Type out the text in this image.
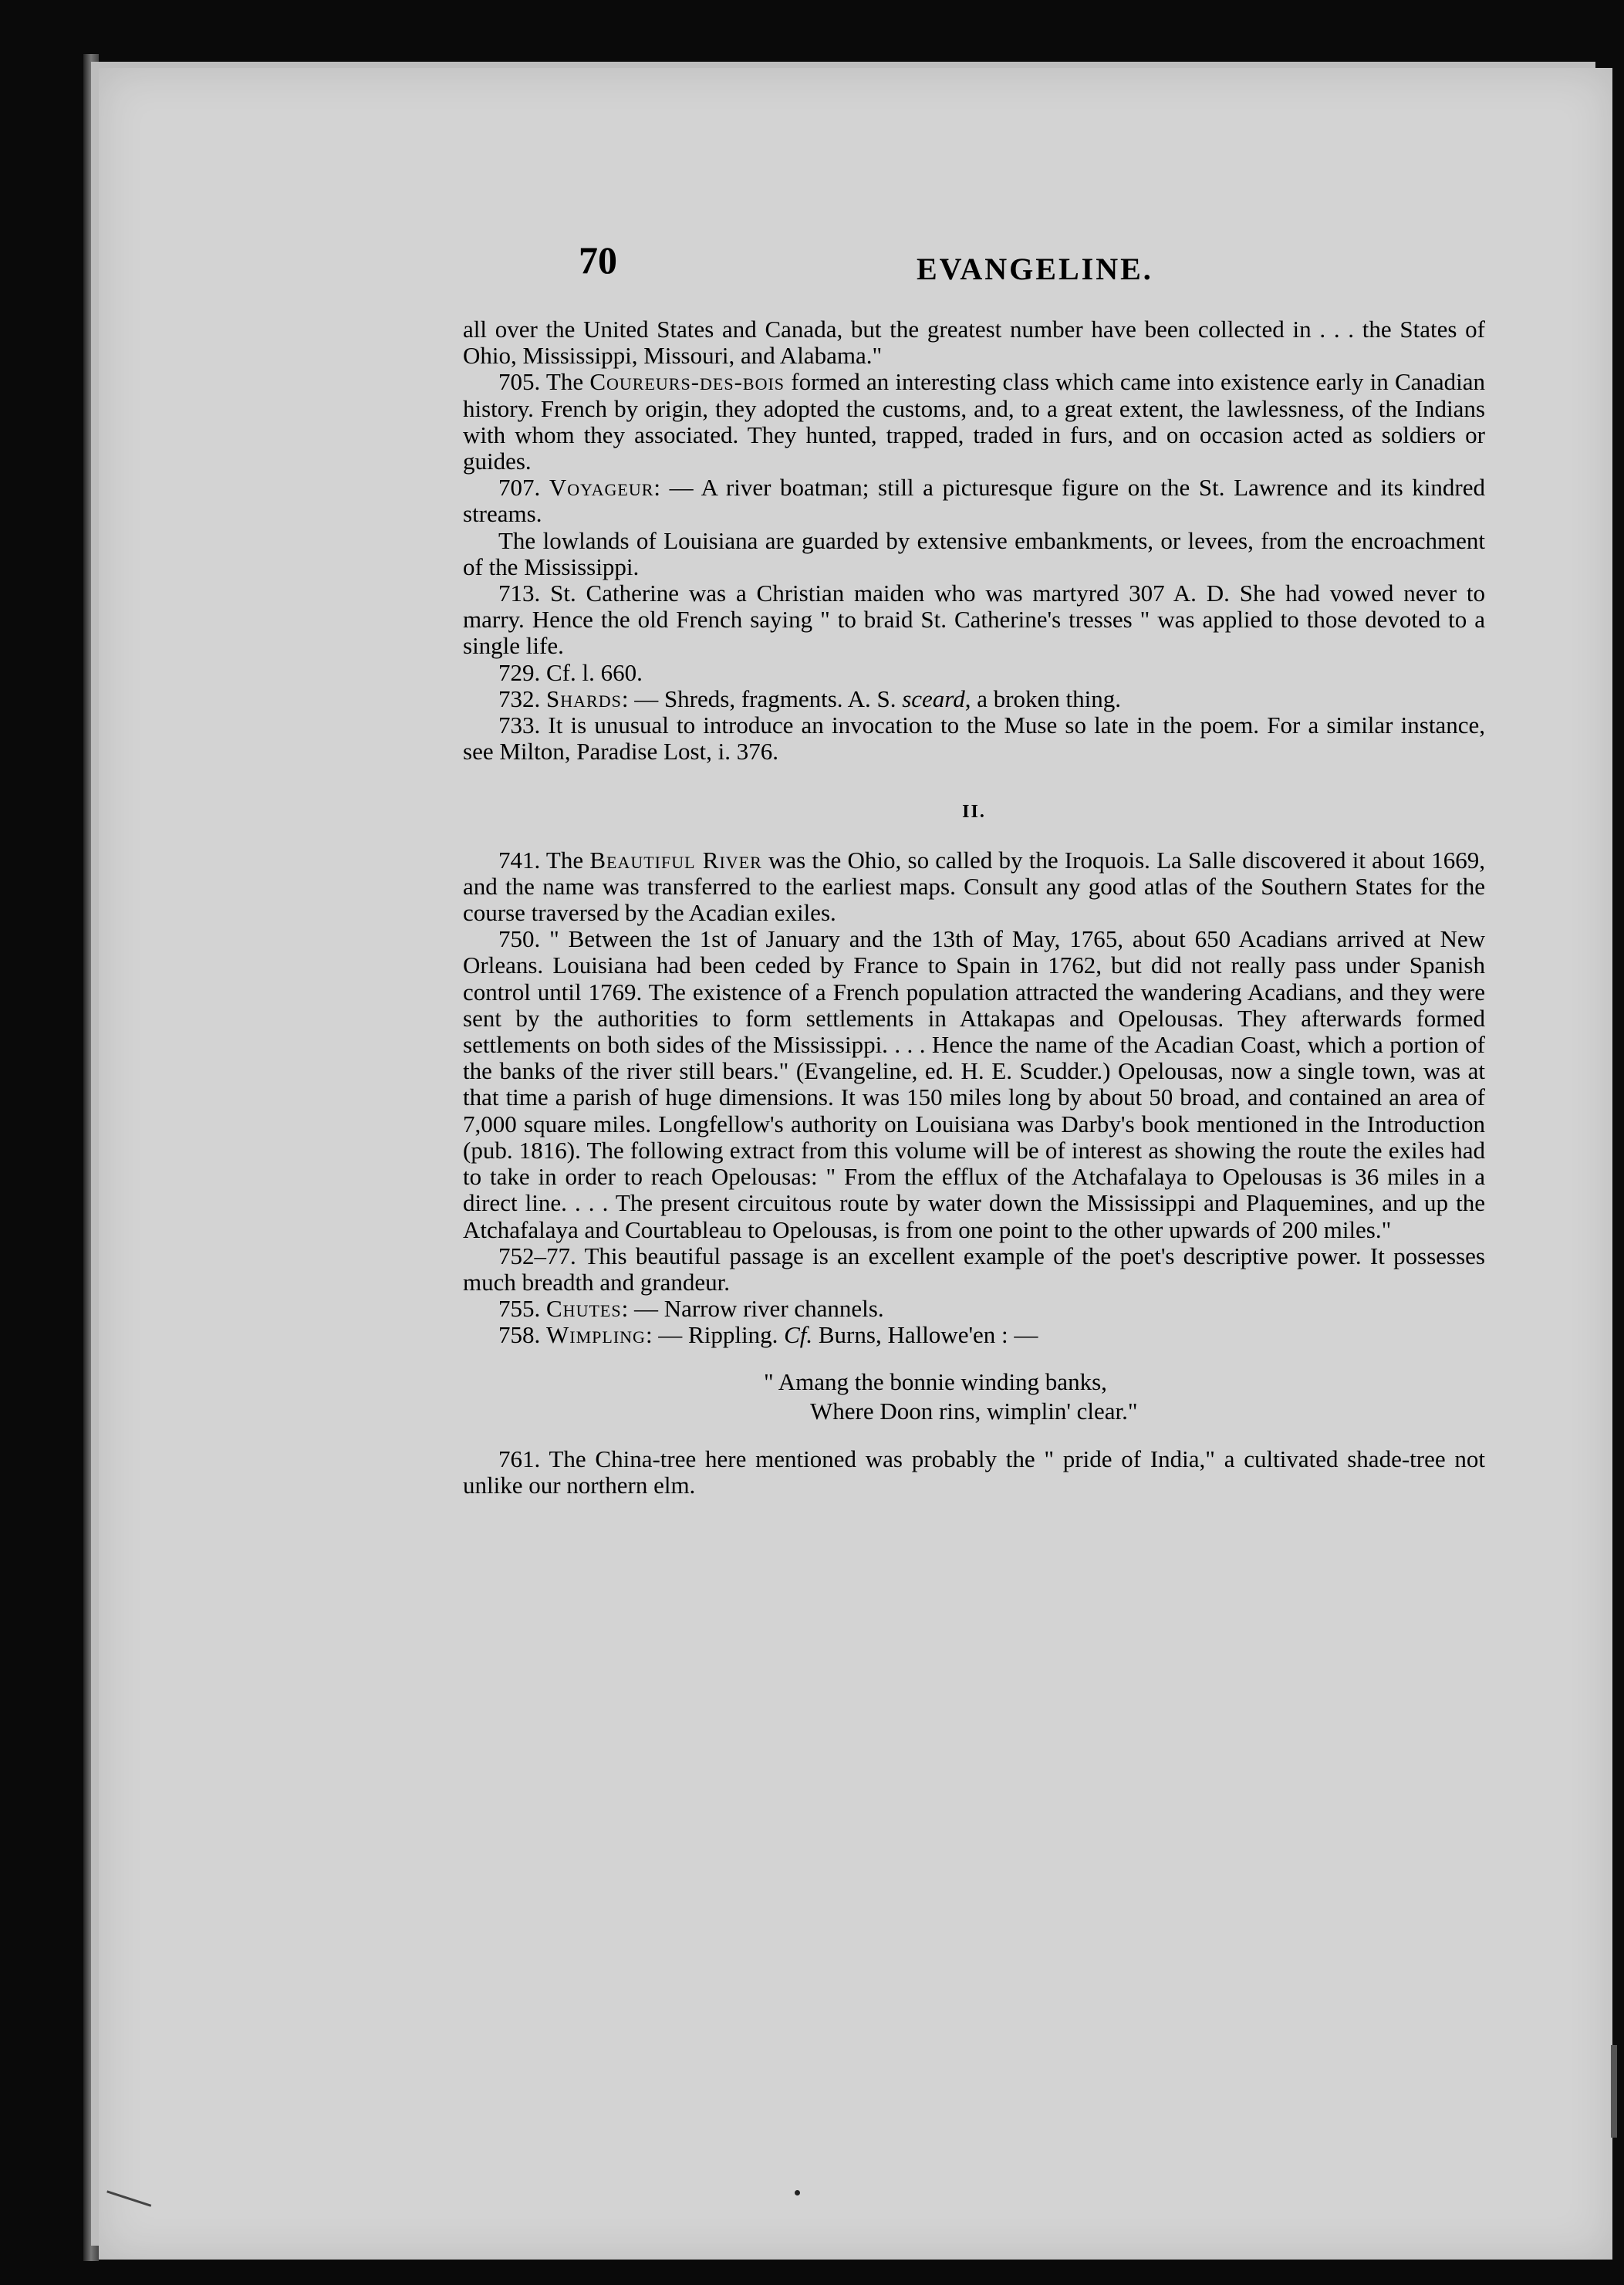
70	EVANGELINE.

all over the United States and Canada, but the greatest number have been collected in . . . the States of Ohio, Mississippi, Missouri, and Alabama."

705. The Coureurs-des-bois formed an interesting class which came into existence early in Canadian history. French by origin, they adopted the customs, and, to a great extent, the lawlessness, of the Indians with whom they associated. They hunted, trapped, traded in furs, and on occasion acted as soldiers or guides.

707. Voyageur: — A river boatman; still a picturesque figure on the St. Lawrence and its kindred streams.

The lowlands of Louisiana are guarded by extensive embankments, or levees, from the encroachment of the Mississippi.

713. St. Catherine was a Christian maiden who was martyred 307 A. D. She had vowed never to marry. Hence the old French saying " to braid St. Catherine's tresses " was applied to those devoted to a single life.

729. Cf. l. 660.

732. Shards: — Shreds, fragments. A. S. sceard, a broken thing.

733. It is unusual to introduce an invocation to the Muse so late in the poem. For a similar instance, see Milton, Paradise Lost, i. 376.

II.

741. The Beautiful River was the Ohio, so called by the Iroquois. La Salle discovered it about 1669, and the name was transferred to the earliest maps. Consult any good atlas of the Southern States for the course traversed by the Acadian exiles.

750. " Between the 1st of January and the 13th of May, 1765, about 650 Acadians arrived at New Orleans. Louisiana had been ceded by France to Spain in 1762, but did not really pass under Spanish control until 1769. The existence of a French population attracted the wandering Acadians, and they were sent by the authorities to form settlements in Attakapas and Opelousas. They afterwards formed settlements on both sides of the Mississippi. . . . Hence the name of the Acadian Coast, which a portion of the banks of the river still bears." (Evangeline, ed. H. E. Scudder.) Opelousas, now a single town, was at that time a parish of huge dimensions. It was 150 miles long by about 50 broad, and contained an area of 7,000 square miles. Longfellow's authority on Louisiana was Darby's book mentioned in the Introduction (pub. 1816). The following extract from this volume will be of interest as showing the route the exiles had to take in order to reach Opelousas: " From the efflux of the Atchafalaya to Opelousas is 36 miles in a direct line. . . . The present circuitous route by water down the Mississippi and Plaquemines, and up the Atchafalaya and Courtableau to Opelousas, is from one point to the other upwards of 200 miles."

752–77. This beautiful passage is an excellent example of the poet's descriptive power. It possesses much breadth and grandeur.

755. Chutes: — Narrow river channels.

758. Wimpling: — Rippling. Cf. Burns, Hallowe'en : —

" Amang the bonnie winding banks,
Where Doon rins, wimplin' clear."

761. The China-tree here mentioned was probably the " pride of India," a cultivated shade-tree not unlike our northern elm.
